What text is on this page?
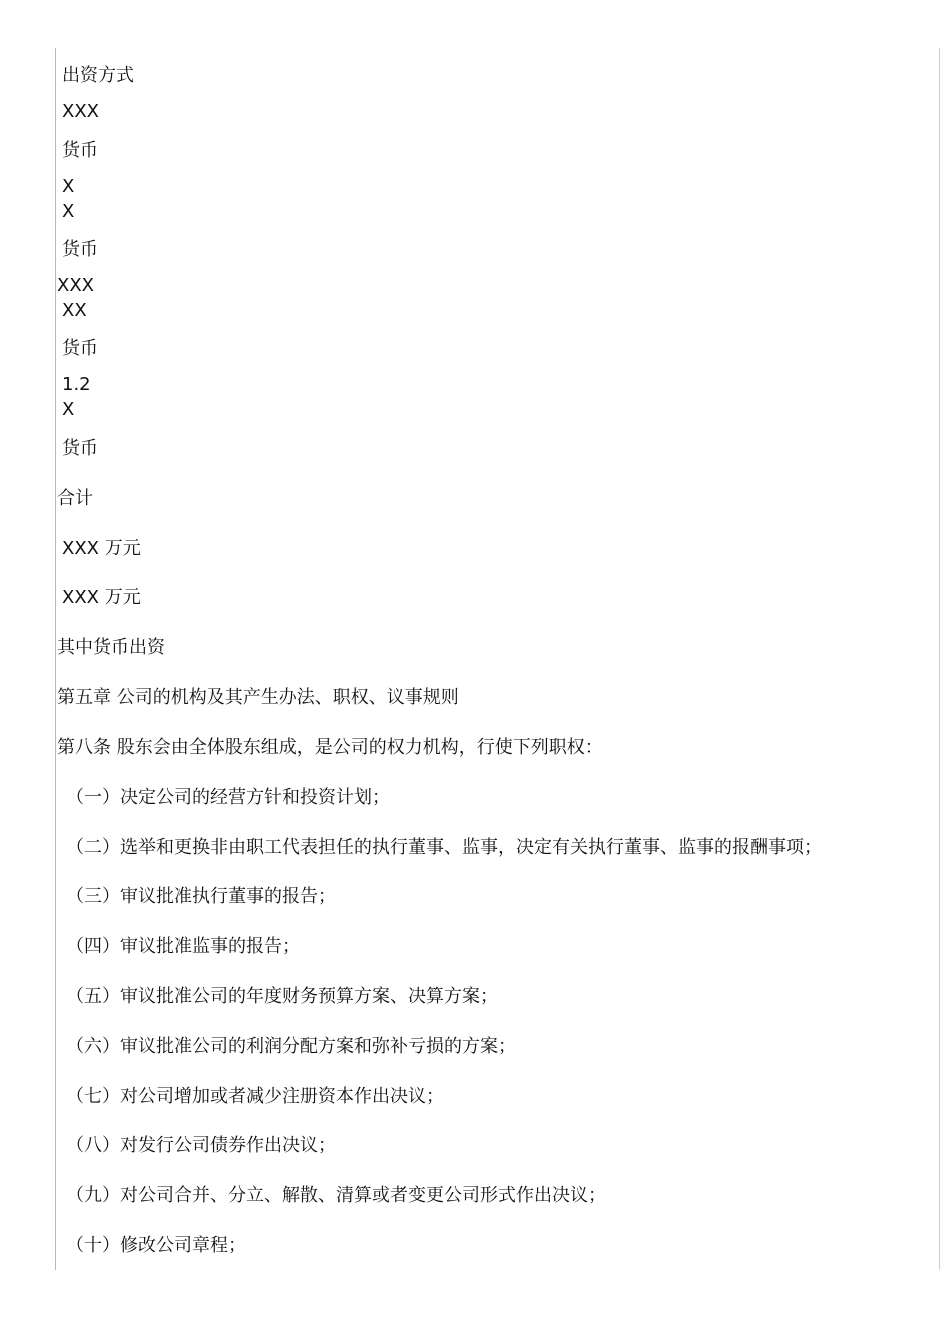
出资方式

XXX

货币

X

X

货币

XXX

XX

货币

1.2

X

货币

合计

XXX 万元

XXX 万元

其中货币出资

第五章 公司的机构及其产生办法、职权、议事规则

第八条 股东会由全体股东组成，是公司的权力机构，行使下列职权：

（一）决定公司的经营方针和投资计划；

（二）选举和更换非由职工代表担任的执行董事、监事，决定有关执行董事、监事的报酬事项；

（三）审议批准执行董事的报告；

（四）审议批准监事的报告；

（五）审议批准公司的年度财务预算方案、决算方案；

（六）审议批准公司的利润分配方案和弥补亏损的方案；

（七）对公司增加或者减少注册资本作出决议；

（八）对发行公司债券作出决议；

（九）对公司合并、分立、解散、清算或者变更公司形式作出决议；

（十）修改公司章程；
